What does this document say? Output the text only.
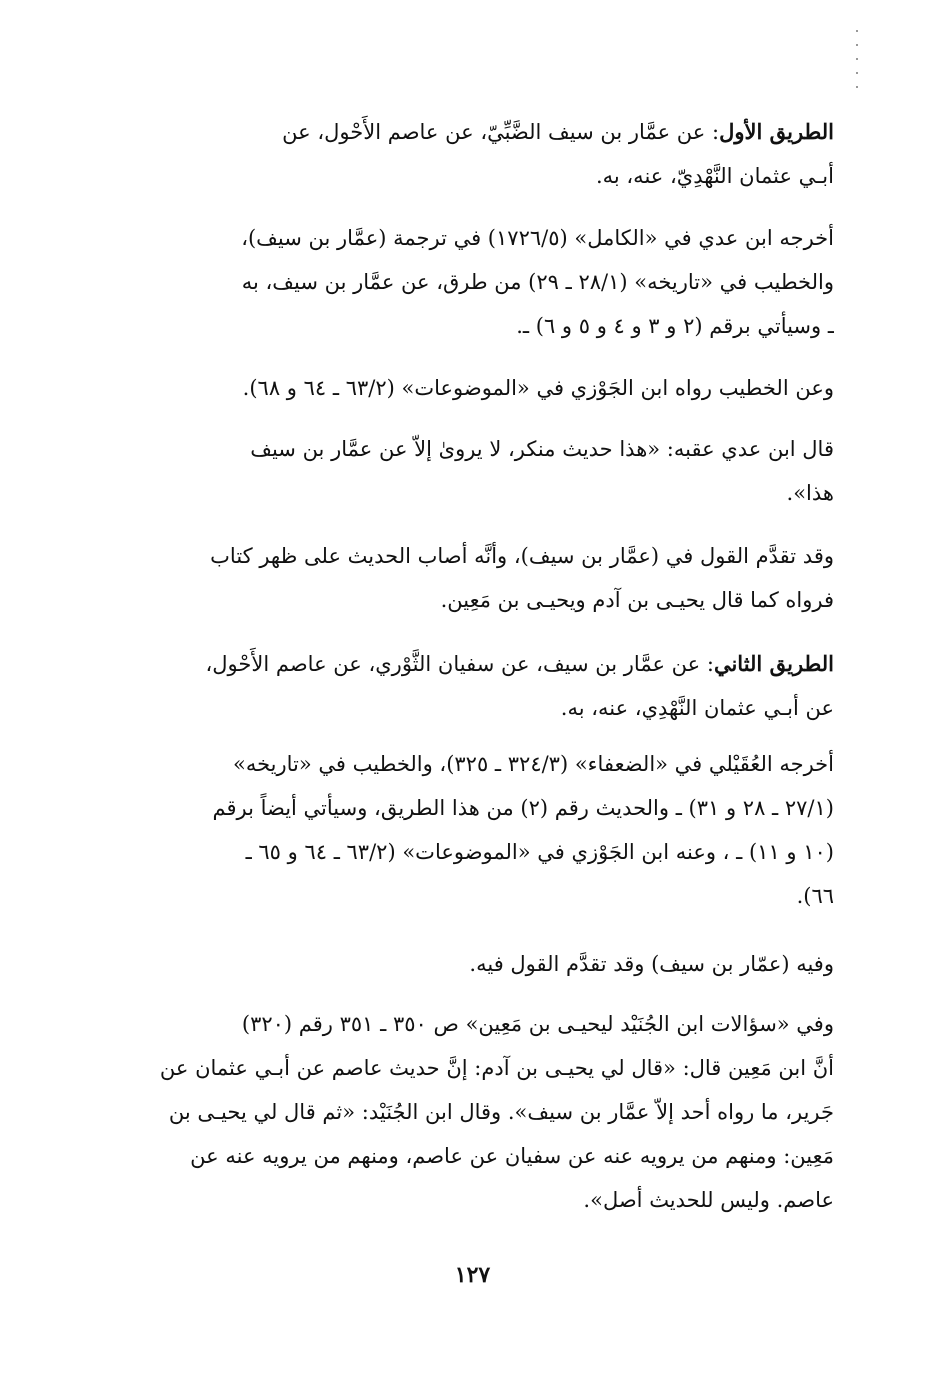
الطريق الأول: عن عمَّار بن سيف الضَّبِّيّ، عن عاصم الأَحْول، عن
أبـي عثمان النَّهْدِيّ، عنه، به.
أخرجه ابن عدي في «الكامل» (١٧٢٦/٥) في ترجمة (عمَّار بن سيف)،
والخطيب في «تاريخه» (٢٨/١ ـ ٢٩) من طرق، عن عمَّار بن سيف، به
ـ وسيأتي برقم (٢ و ٣ و ٤ و ٥ و ٦) ـ.
وعن الخطيب رواه ابن الجَوْزي في «الموضوعات» (٦٣/٢ ـ ٦٤ و ٦٨).
قال ابن عدي عقبه: «هذا حديث منكر، لا يروىٰ إلاّ عن عمَّار بن سيف
هذا».
وقد تقدَّم القول في (عمَّار بن سيف)، وأنَّه أصاب الحديث على ظهر كتاب
فرواه كما قال يحيـى بن آدم ويحيـى بن مَعِين.
الطريق الثاني: عن عمَّار بن سيف، عن سفيان الثَّوْري، عن عاصم الأَحْول،
عن أبـي عثمان النَّهْدِي، عنه، به.
أخرجه العُقَيْلي في «الضعفاء» (٣٢٤/٣ ـ ٣٢٥)، والخطيب في «تاريخه»
(٢٧/١ ـ ٢٨ و ٣١) ـ والحديث رقم (٢) من هذا الطريق، وسيأتي أيضاً برقم
(١٠ و ١١) ـ ، وعنه ابن الجَوْزي في «الموضوعات» (٦٣/٢ ـ ٦٤ و ٦٥ ـ
٦٦).
وفيه (عمّار بن سيف) وقد تقدَّم القول فيه.
وفي «سؤالات ابن الجُنَيْد ليحيـى بن مَعِين» ص ٣٥٠ ـ ٣٥١ رقم (٣٢٠)
أنَّ ابن مَعِين قال: «قال لي يحيـى بن آدم: إنَّ حديث عاصم عن أبـي عثمان عن
جَرير، ما رواه أحد إلاّ عمَّار بن سيف». وقال ابن الجُنَيْد: «ثم قال لي يحيـى بن
مَعِين: ومنهم من يرويه عنه عن سفيان عن عاصم، ومنهم من يرويه عنه عن
عاصم. وليس للحديث أصل».
١٢٧
